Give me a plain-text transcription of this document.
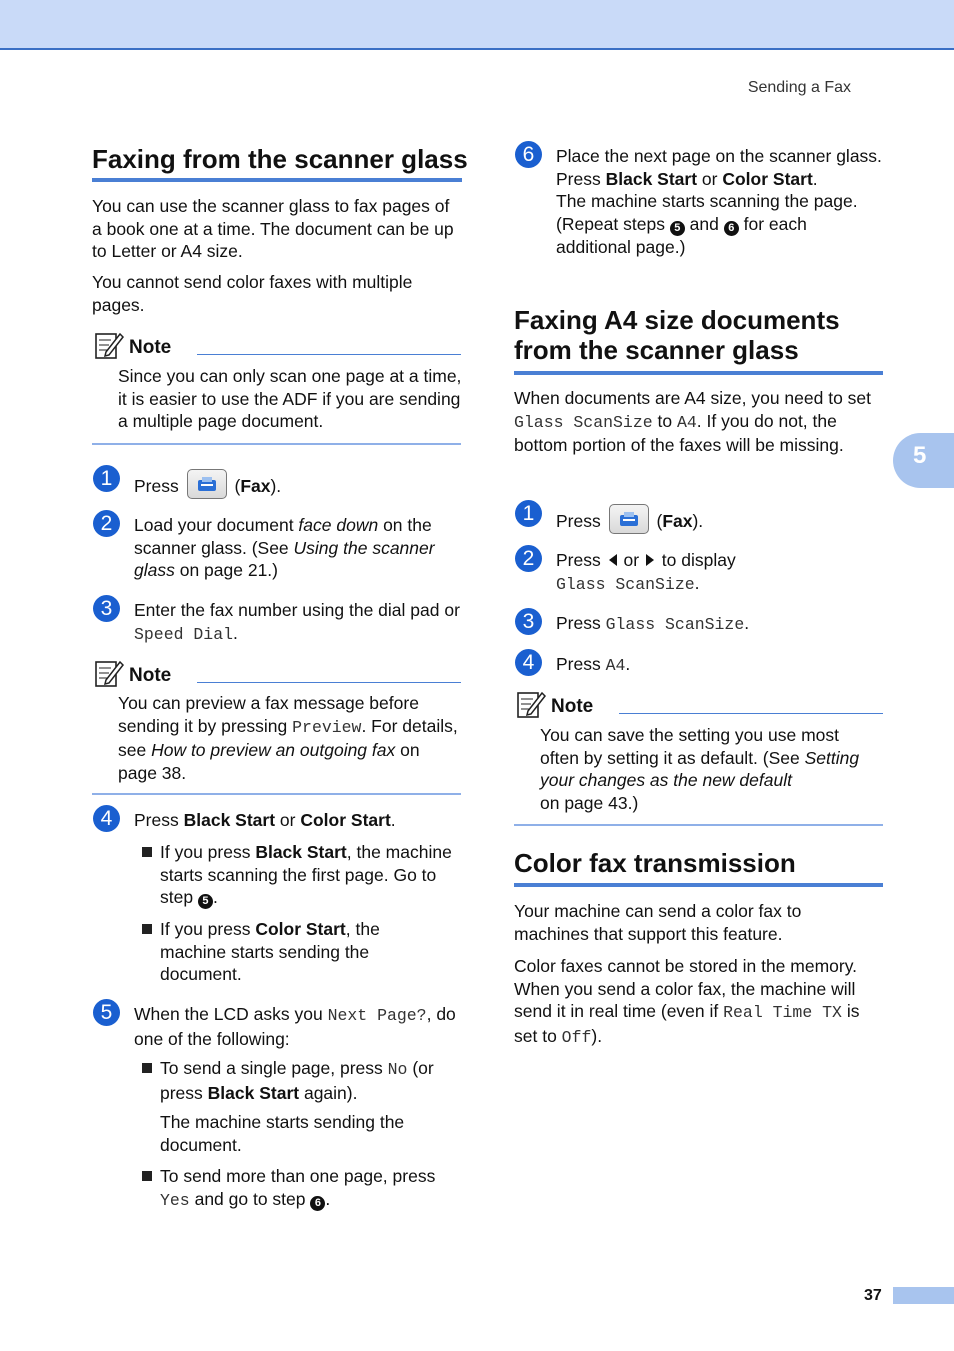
Sending a Fax
5
37
Faxing from the scanner glass

You can use the scanner glass to fax pages of a book one at a time. The document can be up to Letter or A4 size.

You cannot send color faxes with multiple pages.

Note

Since you can only scan one page at a time, it is easier to use the ADF if you are sending a multiple page document.

1	Press	(Fax).
2	Load your document face down on the scanner glass. (See Using the scanner glass on page 21.)

3	Enter the fax number using the dial pad or Speed Dial.

Note

You can preview a fax message before sending it by pressing Preview. For details, see How to preview an outgoing fax on page 38.

4	Press Black Start or Color Start.

If you press Black Start, the machine starts scanning the first page. Go to step 5 .

If you press Color Start, the machine starts sending the document.

5	When the LCD asks you Next Page?, do one of the following:

To send a single page, press No (or press Black Start again).

The machine starts sending the document.

To send more than one page, press Yes and go to step 6 .

6	Place the next page on the scanner glass.

Press Black Start or Color Start.

The machine starts scanning the page.

(Repeat steps 5 and 6 for each additional page.)

Faxing A4 size documents
from the scanner glass

When documents are A4 size, you need to set Glass ScanSize to A4. If you do not, the bottom portion of the faxes will be missing.

1	Press	(Fax).
2	Press  or  to display

Glass ScanSize.

3	Press Glass ScanSize.

4	Press A4.

Note

You can save the setting you use most often by setting it as default. (See Setting your changes as the new default

on page 43.)

Color fax transmission

Your machine can send a color fax to machines that support this feature.

Color faxes cannot be stored in the memory. When you send a color fax, the machine will send it in real time (even if Real Time TX is set to Off).
